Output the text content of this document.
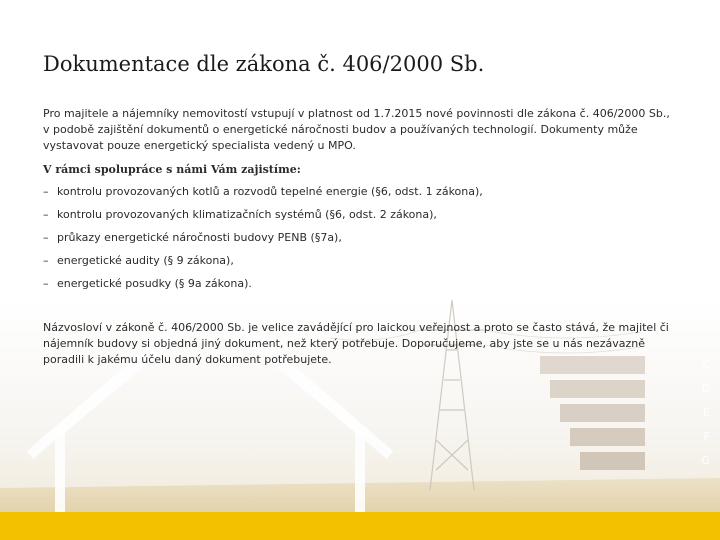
C
D
E
F
G
Dokumentace dle zákona č. 406/2000 Sb.

Pro majitele a nájemníky nemovitostí vstupují v platnost od 1.7.2015 nové povinnosti dle zákona č. 406/2000 Sb., v podobě zajištění dokumentů o energetické náročnosti budov a používaných technologií. Dokumenty může vystavovat pouze energetický specialista vedený u MPO.

V rámci spolupráce s námi Vám zajistíme:

– kontrolu provozovaných kotlů a rozvodů tepelné energie (§6, odst. 1 zákona),
– kontrolu provozovaných klimatizačních systémů (§6, odst. 2 zákona),
– průkazy energetické náročnosti budovy PENB (§7a),
– energetické audity (§ 9 zákona),
– energetické posudky (§ 9a zákona).

Názvosloví v zákoně č. 406/2000 Sb. je velice zavádějící pro laickou veřejnost a proto se často stává, že majitel či nájemník budovy si objedná jiný dokument, než který potřebuje. Doporučujeme, aby jste se u nás nezávazně poradili k jakému účelu daný dokument potřebujete.
